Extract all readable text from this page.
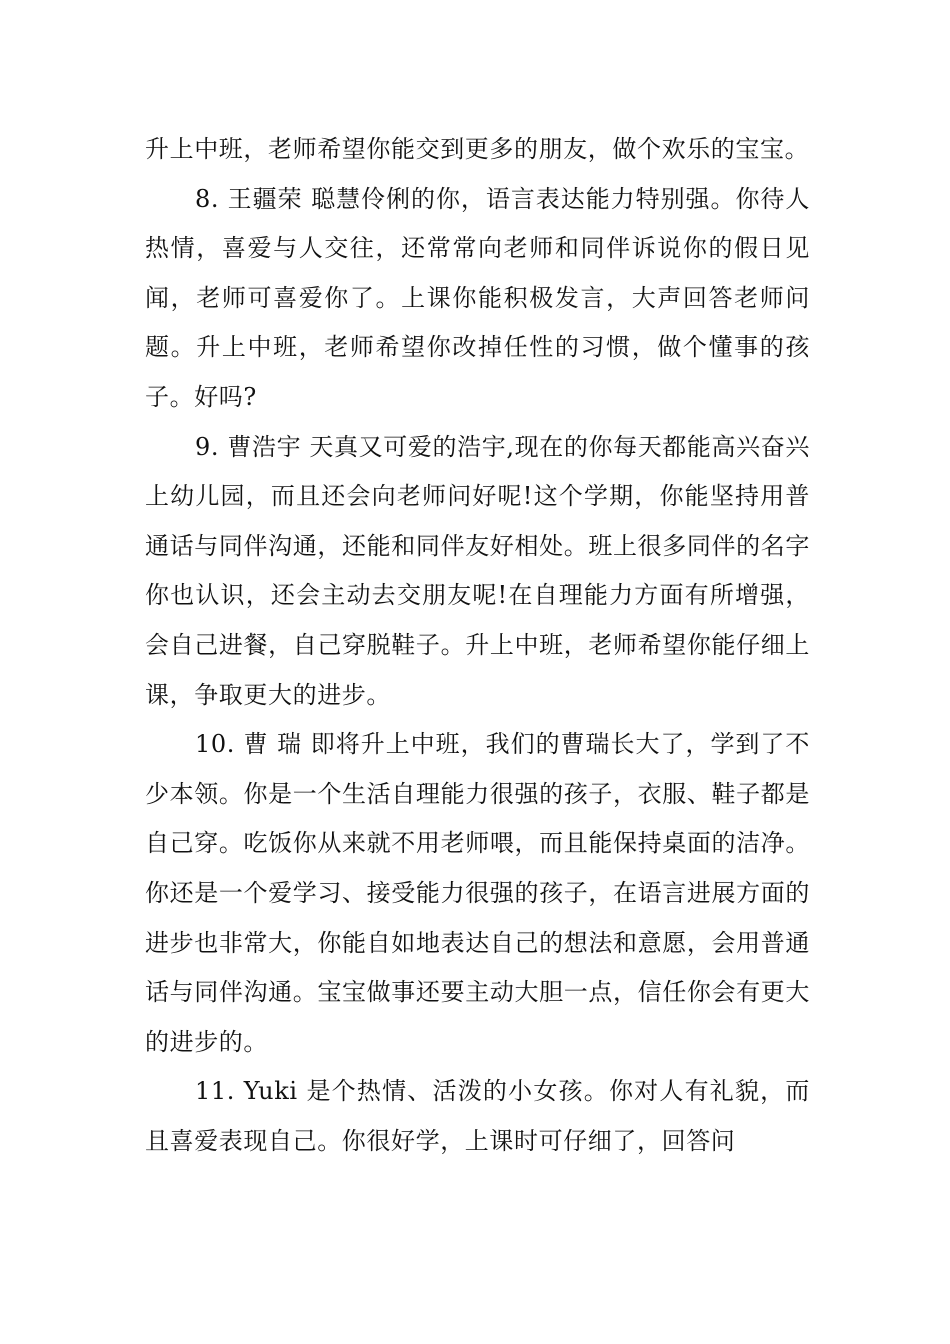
升上中班，老师希望你能交到更多的朋友，做个欢乐的宝宝。

8. 王疆荣 聪慧伶俐的你，语言表达能力特别强。你待人热情，喜爱与人交往，还常常向老师和同伴诉说你的假日见闻，老师可喜爱你了。上课你能积极发言，大声回答老师问题。升上中班，老师希望你改掉任性的习惯，做个懂事的孩子。好吗?

9. 曹浩宇 天真又可爱的浩宇,现在的你每天都能高兴奋兴上幼儿园，而且还会向老师问好呢!这个学期，你能坚持用普通话与同伴沟通，还能和同伴友好相处。班上很多同伴的名字你也认识，还会主动去交朋友呢!在自理能力方面有所增强，会自己进餐，自己穿脱鞋子。升上中班，老师希望你能仔细上课，争取更大的进步。

10. 曹 瑞 即将升上中班，我们的曹瑞长大了，学到了不少本领。你是一个生活自理能力很强的孩子，衣服、鞋子都是自己穿。吃饭你从来就不用老师喂，而且能保持桌面的洁净。你还是一个爱学习、接受能力很强的孩子，在语言进展方面的进步也非常大，你能自如地表达自己的想法和意愿，会用普通话与同伴沟通。宝宝做事还要主动大胆一点，信任你会有更大的进步的。

11. Yuki 是个热情、活泼的小女孩。你对人有礼貌，而且喜爱表现自己。你很好学，上课时可仔细了，回答问
